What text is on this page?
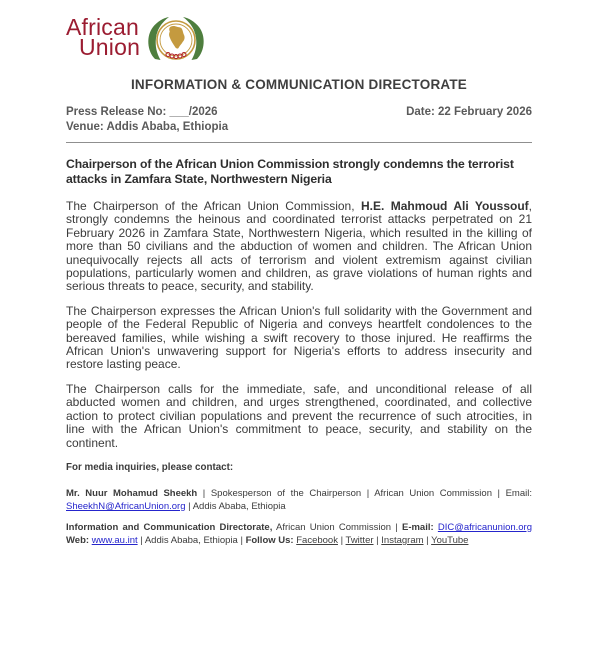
African
Union
INFORMATION & COMMUNICATION DIRECTORATE
Press Release No: ___/2026	Date: 22 February 2026
Venue: Addis Ababa, Ethiopia
Chairperson of the African Union Commission strongly condemns the terrorist attacks in Zamfara State, Northwestern Nigeria

The Chairperson of the African Union Commission, H.E. Mahmoud Ali Youssouf, strongly condemns the heinous and coordinated terrorist attacks perpetrated on 21 February 2026 in Zamfara State, Northwestern Nigeria, which resulted in the killing of more than 50 civilians and the abduction of women and children. The African Union unequivocally rejects all acts of terrorism and violent extremism against civilian populations, particularly women and children, as grave violations of human rights and serious threats to peace, security, and stability.

The Chairperson expresses the African Union's full solidarity with the Government and people of the Federal Republic of Nigeria and conveys heartfelt condolences to the bereaved families, while wishing a swift recovery to those injured. He reaffirms the African Union's unwavering support for Nigeria's efforts to address insecurity and restore lasting peace.

The Chairperson calls for the immediate, safe, and unconditional release of all abducted women and children, and urges strengthened, coordinated, and collective action to protect civilian populations and prevent the recurrence of such atrocities, in line with the African Union's commitment to peace, security, and stability on the continent.

For media inquiries, please contact:
Mr. Nuur Mohamud Sheekh | Spokesperson of the Chairperson | African Union Commission | Email:
SheekhN@AfricanUnion.org | Addis Ababa, Ethiopia
Information and Communication Directorate, African Union Commission | E-mail: DIC@africanunion.org
Web: www.au.int | Addis Ababa, Ethiopia | Follow Us: Facebook | Twitter | Instagram | YouTube
